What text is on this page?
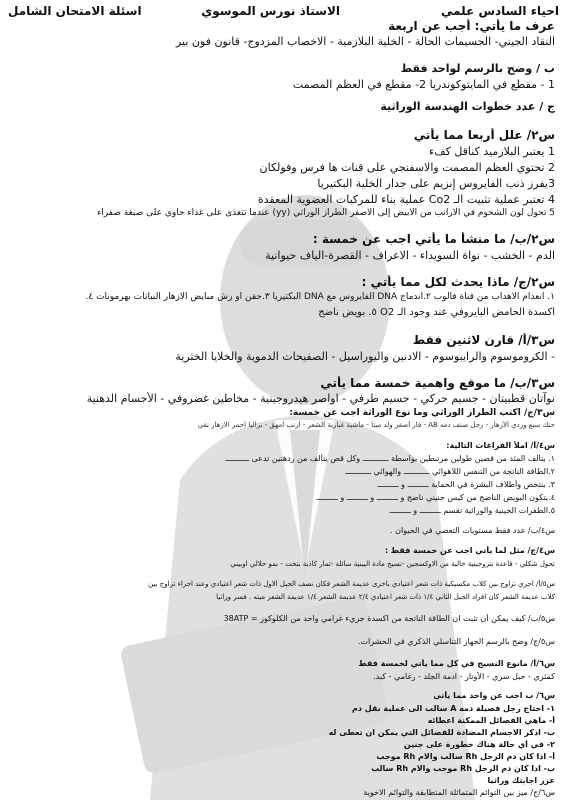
احياء السادس علمي
الاستاذ نورس الموسوي
اسئلة الامتحان الشامل
عرف ما يأتي: أجب عن اربعة
النقاد الجيني- الجسيمات الحالة - الخلية البلازمية - الاخصاب المزدوج- قانون فون بير
ب / وضح بالرسم لواحد فقط
1 - مقطع في المايتوكوندريا 2- مقطع في العظم المصمت
ج / عدد خطوات الهندسة الوراثية
س٢/ علل أربعا مما يأتي
1 يعتبر البلازميد كناقل كفء
2 تحتوي العظم المصمت والاسفنجي على قنات ها فرس وفولكان
3يفرز ذنب الفايروس إنزيم على جدار الخلية البكتيريا
4 تعتبر عملية تثبيت الـ Co2 عملية بناء للمركبات العضوية المعقدة
5 تحول لون الشحوم في الارانب من الأبيض إلى الاصفر الطراز الوراثي (yy) عندما تتغذى على غذاء حاوي على صبغة صفراء
س٢/ب/ ما منشأ ما يأتي اجب عن خمسة :
الدم - الخشب - نواة السويداء - الاعراف - القصرة-الياف حيوانية
س٢/ج/ ماذا يحدث لكل مما يأتي :
١. انعدام الاهداب من قناة فالوب ٢.اندماج DNA الفايروس مع DNA البكتيريا ٣.حقن او رش مبايض الازهار النباتات بهرمونات ٤.
اكسدة الحامض البايروفي عند وجود الـ O2 ٥. بويض ناضج
س٣/أ/ قارن لاثنين فقط
- الكروموسوم والرايبوسوم - الادنين واليوراسيل - الصفيحات الدموية والخلايا الخثرية
س٣/ب/ ما موقع واهمية خمسة مما يأتي
نوآتان قطبيتان - جسيم حركي - جسيم طرفي - اواصر هيدروجينية - مخاطين غضروفي - الأجسام الدهنية
س٣/ج/ اكتب الطراز الوراثي وما نوع الوراثة اجب عن خمسة:
حنك سبع وردي الأزهار - رجل صنف دمه AB - فار أصفر ولد ميتا - ماشية غبارية الشعر - أرنب امهق - بزاليا احمر الازهار نقي
س٤/أ/ املأ الفراغات التالية:
١. يتألف المثد من قصين طولين مرتبطين بواسطة ـــــــــــ وكل قص يتألف من ردهتين تدعى ــــــــــ
٢.الطاقة الناتجة من التنفس اللاهوائي ـــــــــــ والهوائي ـــــــــــ
٣. ينتخص وأطلاف البشرة في الحماية ـــــــــ و ـــــــــ
٤.يتكون البويض الناضج من كيس جنيني ناضج و ـــــــــ و ـــــــــ و ـــــــــ
٥.الطفرات الجينية والوراثية تقسم ـــــــــ و ـــــــــ
س٤/ب/ عدد فقط مستويات التعضي في الحيوان .
س٤/ج/ مثل لما يأتي اجب عن خمسة فقط :
تحول شكلي - قاعدة نتروجينية خالية من الاوكسجين -نسيج مادة البينية سائلة -ثمار كاذبة بتخت - نمو خلالي اوبيني
س٥/أ/ اجري تزاوج بين كلاب مكسيكية ذات شعر اعتيادي باخرى عديمة الشعر فكان نصف الجيل الاول ذات شعر اعتيادي وعند اجراء تزاوج بين
كلاب عديمة الشعر كان افراد الجيل الثاني ١/٤ ذات شعر اعتيادي ٢/٤ عديمة الشعر ١/٤ عديمة الشعر ميته . فسر وراثيا
س٥/ب/ كيف يمكن أن تثبت ان الطاقة الناتجة من اكسدة جزيء غرامي واحد من الكلوكوز = 38ATP
س٥/ج/ وضح بالرسم الجهاز التناسلي الذكري في الحشرات.
س٦/أ/ مانوع النسيج في كل مما يأتي لخمسة فقط
كمثري - حبل سري - الأوتار - ادمة الجلد - رغامي - كبد.
س٦/ ب اجب عن واحد مما يأتي
١- احتاج رجل فصيلة دمه A سالب الى عملية نقل دم
أ- ماهي الفصائل الممكنة اعطائه
ب- اذكر الاجسام المضادة للفصائل التي يمكن ان تعطى له
٢- في أي حالة هناك خطورة على جنين
أ- اذا كان دم الرجل Rh سالب والام Rh موجب
ب- اذا كان دم الرجل Rh موجب والام Rh سالب
عزز اجابتك وراثيا
س٦/ج/ ميز بين التوائم المتماثلة المتطابقة والتوائم الاخوية
